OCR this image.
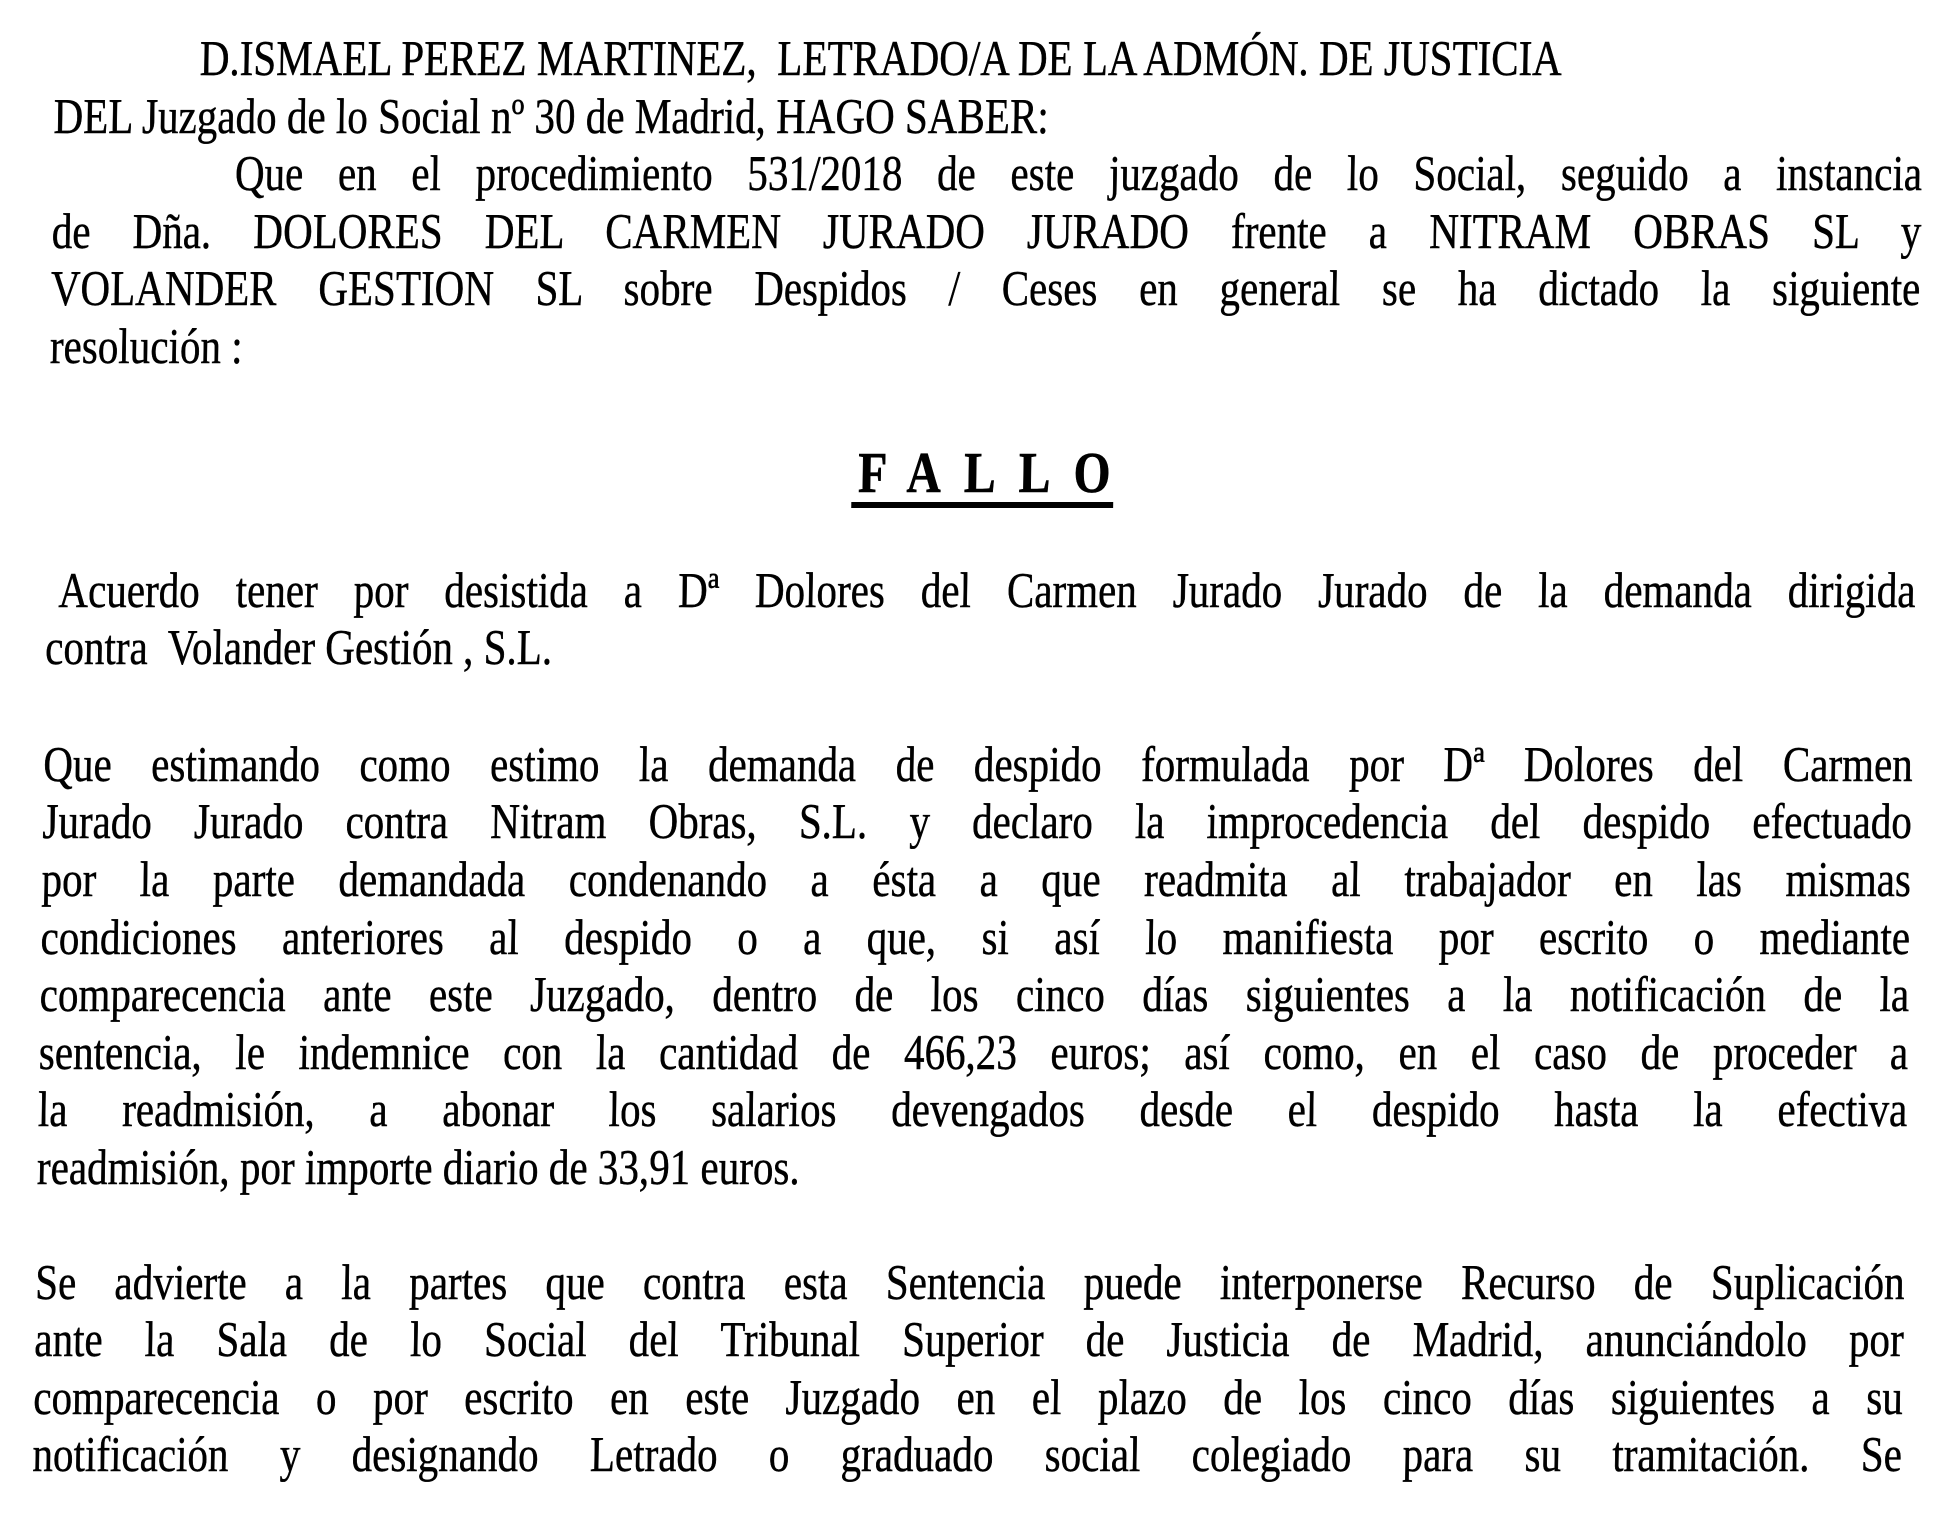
D.ISMAEL PEREZ MARTINEZ,  LETRADO/A DE LA ADMÓN. DE JUSTICIA
DEL Juzgado de lo Social nº 30 de Madrid, HAGO SABER:
Que en el procedimiento 531/2018 de este juzgado de lo Social, seguido a instancia
de Dña. DOLORES DEL CARMEN JURADO JURADO frente a NITRAM OBRAS SL y
VOLANDER GESTION SL sobre Despidos / Ceses en general se ha dictado la siguiente
resolución :
FALLO
Acuerdo tener por desistida a Dª Dolores del Carmen Jurado Jurado de la demanda dirigida
contra  Volander Gestión , S.L.
Que estimando como estimo la demanda de despido formulada por Dª Dolores del Carmen
Jurado Jurado contra Nitram Obras, S.L. y declaro la improcedencia del despido efectuado
por la parte demandada condenando a ésta a que readmita al trabajador en las mismas
condiciones anteriores al despido o a que, si así lo manifiesta por escrito o mediante
comparecencia ante este Juzgado, dentro de los cinco días siguientes a la notificación de la
sentencia, le indemnice con la cantidad de 466,23 euros; así como, en el caso de proceder a
la readmisión, a abonar los salarios devengados desde el despido hasta la efectiva
readmisión, por importe diario de 33,91 euros.
Se advierte a la partes que contra esta Sentencia puede interponerse Recurso de Suplicación
ante la Sala de lo Social del Tribunal Superior de Justicia de Madrid, anunciándolo por
comparecencia o por escrito en este Juzgado en el plazo de los cinco días siguientes a su
notificación y designando Letrado o graduado social colegiado para su tramitación. Se
